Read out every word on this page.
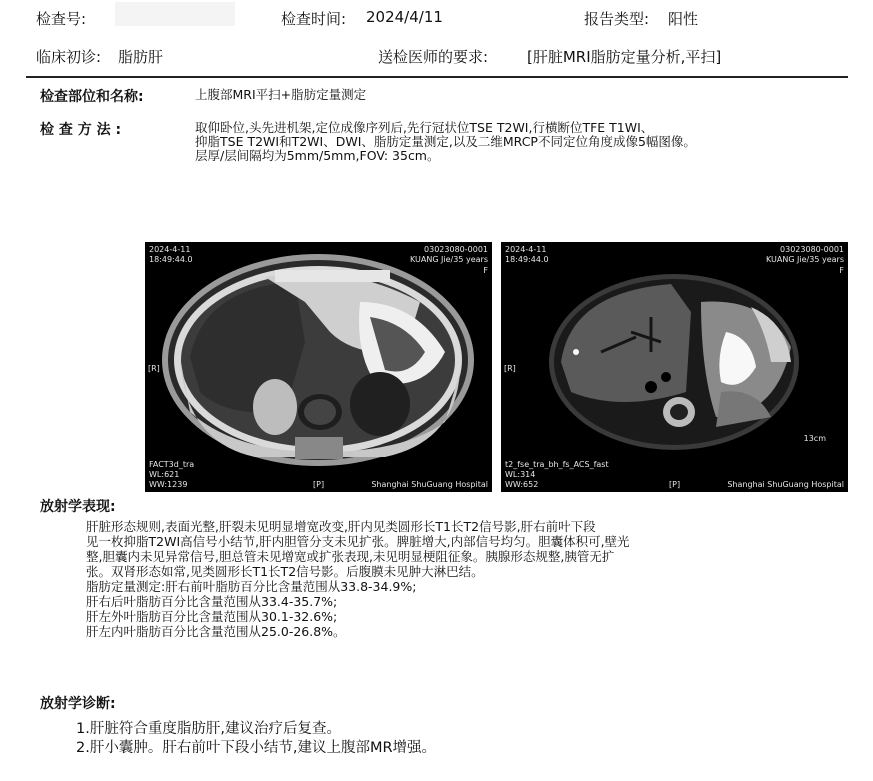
检查号:	检查时间: 2024/4/11	报告类型: 阳性
临床初诊: 脂肪肝	送检医师的要求:	[肝脏MRI脂肪定量分析,平扫]
检查部位和名称:	上腹部MRI平扫+脂肪定量测定
检 查 方 法 :	取仰卧位,头先进机架,定位成像序列后,先行冠状位TSE T2WI,行横断位TFE T1WI、
抑脂TSE T2WI和T2WI、DWI、脂肪定量测定,以及二维MRCP不同定位角度成像5幅图像。
层厚/层间隔均为5mm/5mm,FOV: 35cm。
2024-4-11
18:49:44.0
03023080-0001
KUANG Jie/35 years
F
[R]
FACT3d_tra
WL:621
WW:1239	[P]	Shanghai ShuGuang Hospital
2024-4-11
18:49:44.0
03023080-0001
KUANG Jie/35 years
F
[R]
13cm
t2_fse_tra_bh_fs_ACS_fast
WL:314
WW:652	[P]	Shanghai ShuGuang Hospital
放射学表现:
肝脏形态规则,表面光整,肝裂未见明显增宽改变,肝内见类圆形长T1长T2信号影,肝右前叶下段
见一枚抑脂T2WI高信号小结节,肝内胆管分支未见扩张。脾脏增大,内部信号均匀。胆囊体积可,壁光
整,胆囊内未见异常信号,胆总管未见增宽或扩张表现,未见明显梗阻征象。胰腺形态规整,胰管无扩
张。双肾形态如常,见类圆形长T1长T2信号影。后腹膜未见肿大淋巴结。
脂肪定量测定:肝右前叶脂肪百分比含量范围从33.8-34.9%;
肝右后叶脂肪百分比含量范围从33.4-35.7%;
肝左外叶脂肪百分比含量范围从30.1-32.6%;
肝左内叶脂肪百分比含量范围从25.0-26.8%。
放射学诊断:
1.肝脏符合重度脂肪肝,建议治疗后复查。
2.肝小囊肿。肝右前叶下段小结节,建议上腹部MR增强。
